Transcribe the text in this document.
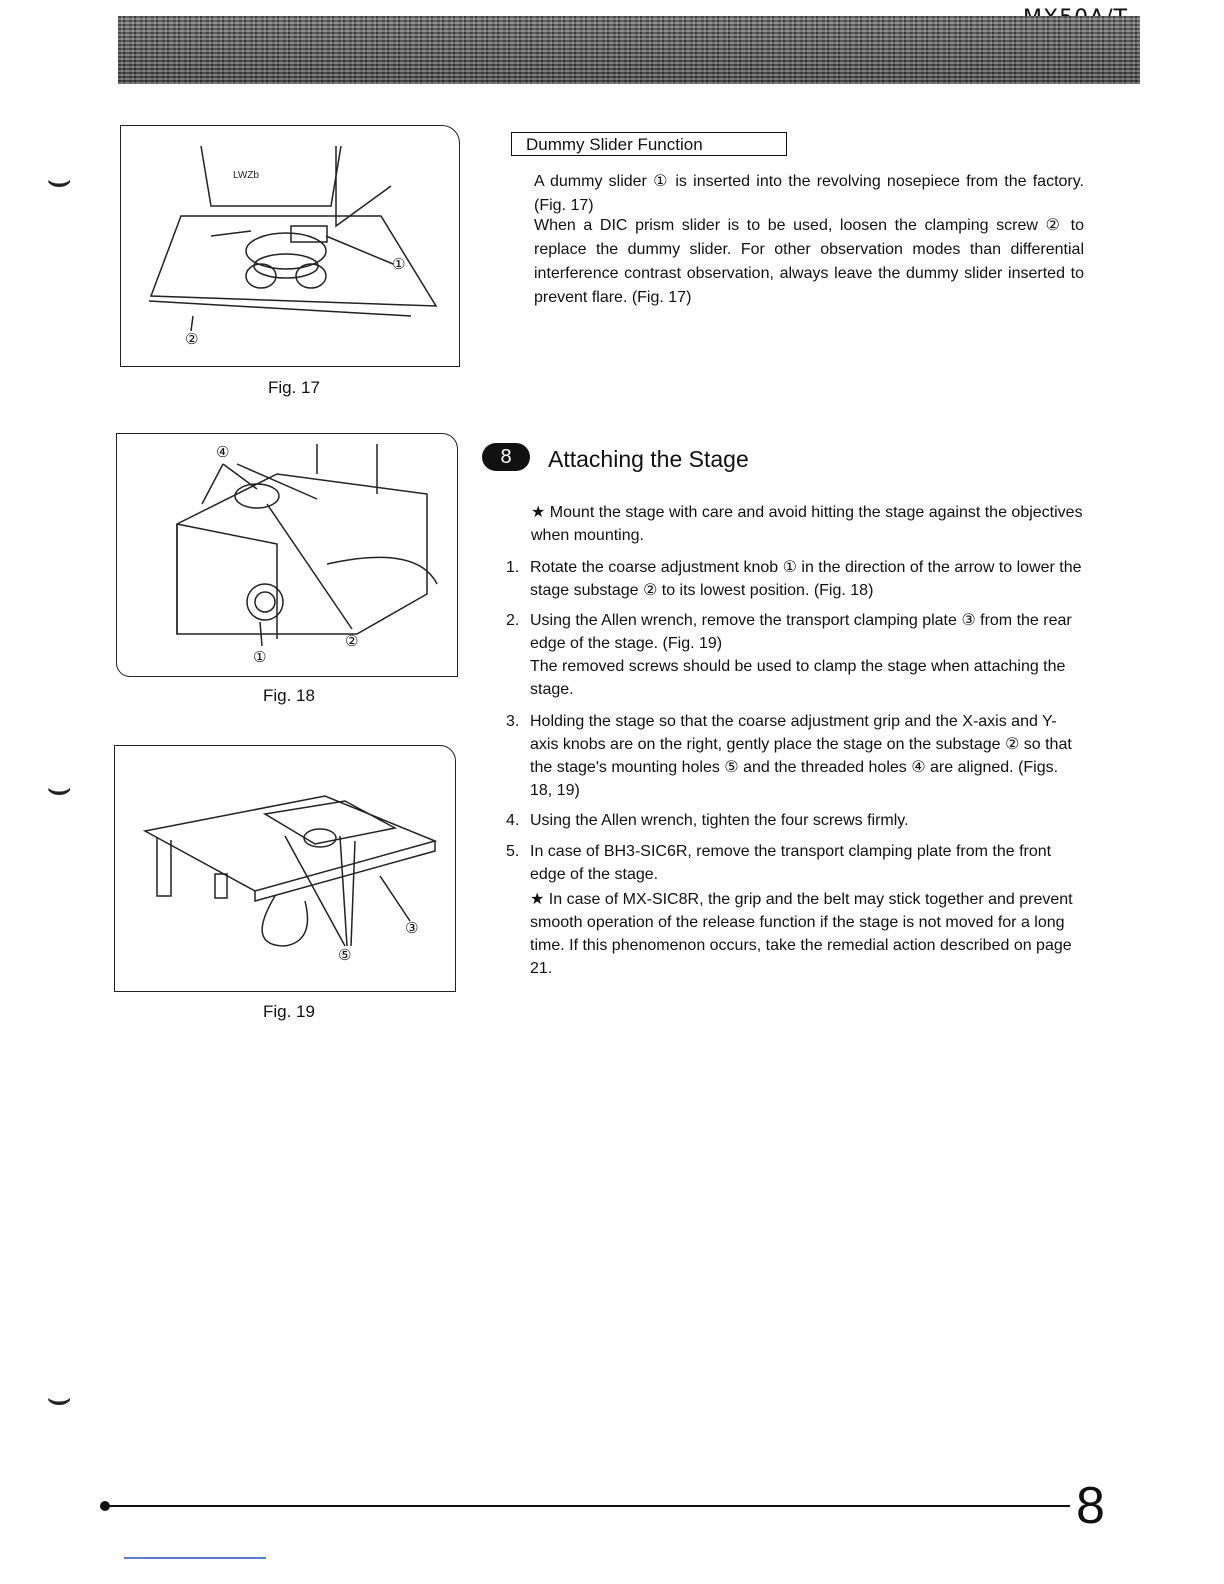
⌣
⌣
⌣
LWZb
①
②
Fig. 17
④
②
①
Fig. 18
③
⑤
Fig. 19
Dummy Slider Function
A dummy slider ① is inserted into the revolving nosepiece from the factory. (Fig. 17)
When a DIC prism slider is to be used, loosen the clamping screw ② to replace the dummy slider. For other observation modes than differential interference contrast observation, always leave the dummy slider inserted to prevent flare. (Fig. 17)
8	Attaching the Stage
★ Mount the stage with care and avoid hitting the stage against the objectives when mounting.
1. Rotate the coarse adjustment knob ① in the direction of the arrow to lower the stage substage ② to its lowest position. (Fig. 18)
2. Using the Allen wrench, remove the transport clamping plate ③ from the rear edge of the stage. (Fig. 19)
The removed screws should be used to clamp the stage when attaching the stage.
3. Holding the stage so that the coarse adjustment grip and the X-axis and Y-axis knobs are on the right, gently place the stage on the substage ② so that the stage's mounting holes ⑤ and the threaded holes ④ are aligned. (Figs. 18, 19)
4. Using the Allen wrench, tighten the four screws firmly.
5. In case of BH3-SIC6R, remove the transport clamping plate from the front edge of the stage.
★ In case of MX-SIC8R, the grip and the belt may stick together and prevent smooth operation of the release function if the stage is not moved for a long time. If this phenomenon occurs, take the remedial action described on page 21.
8
